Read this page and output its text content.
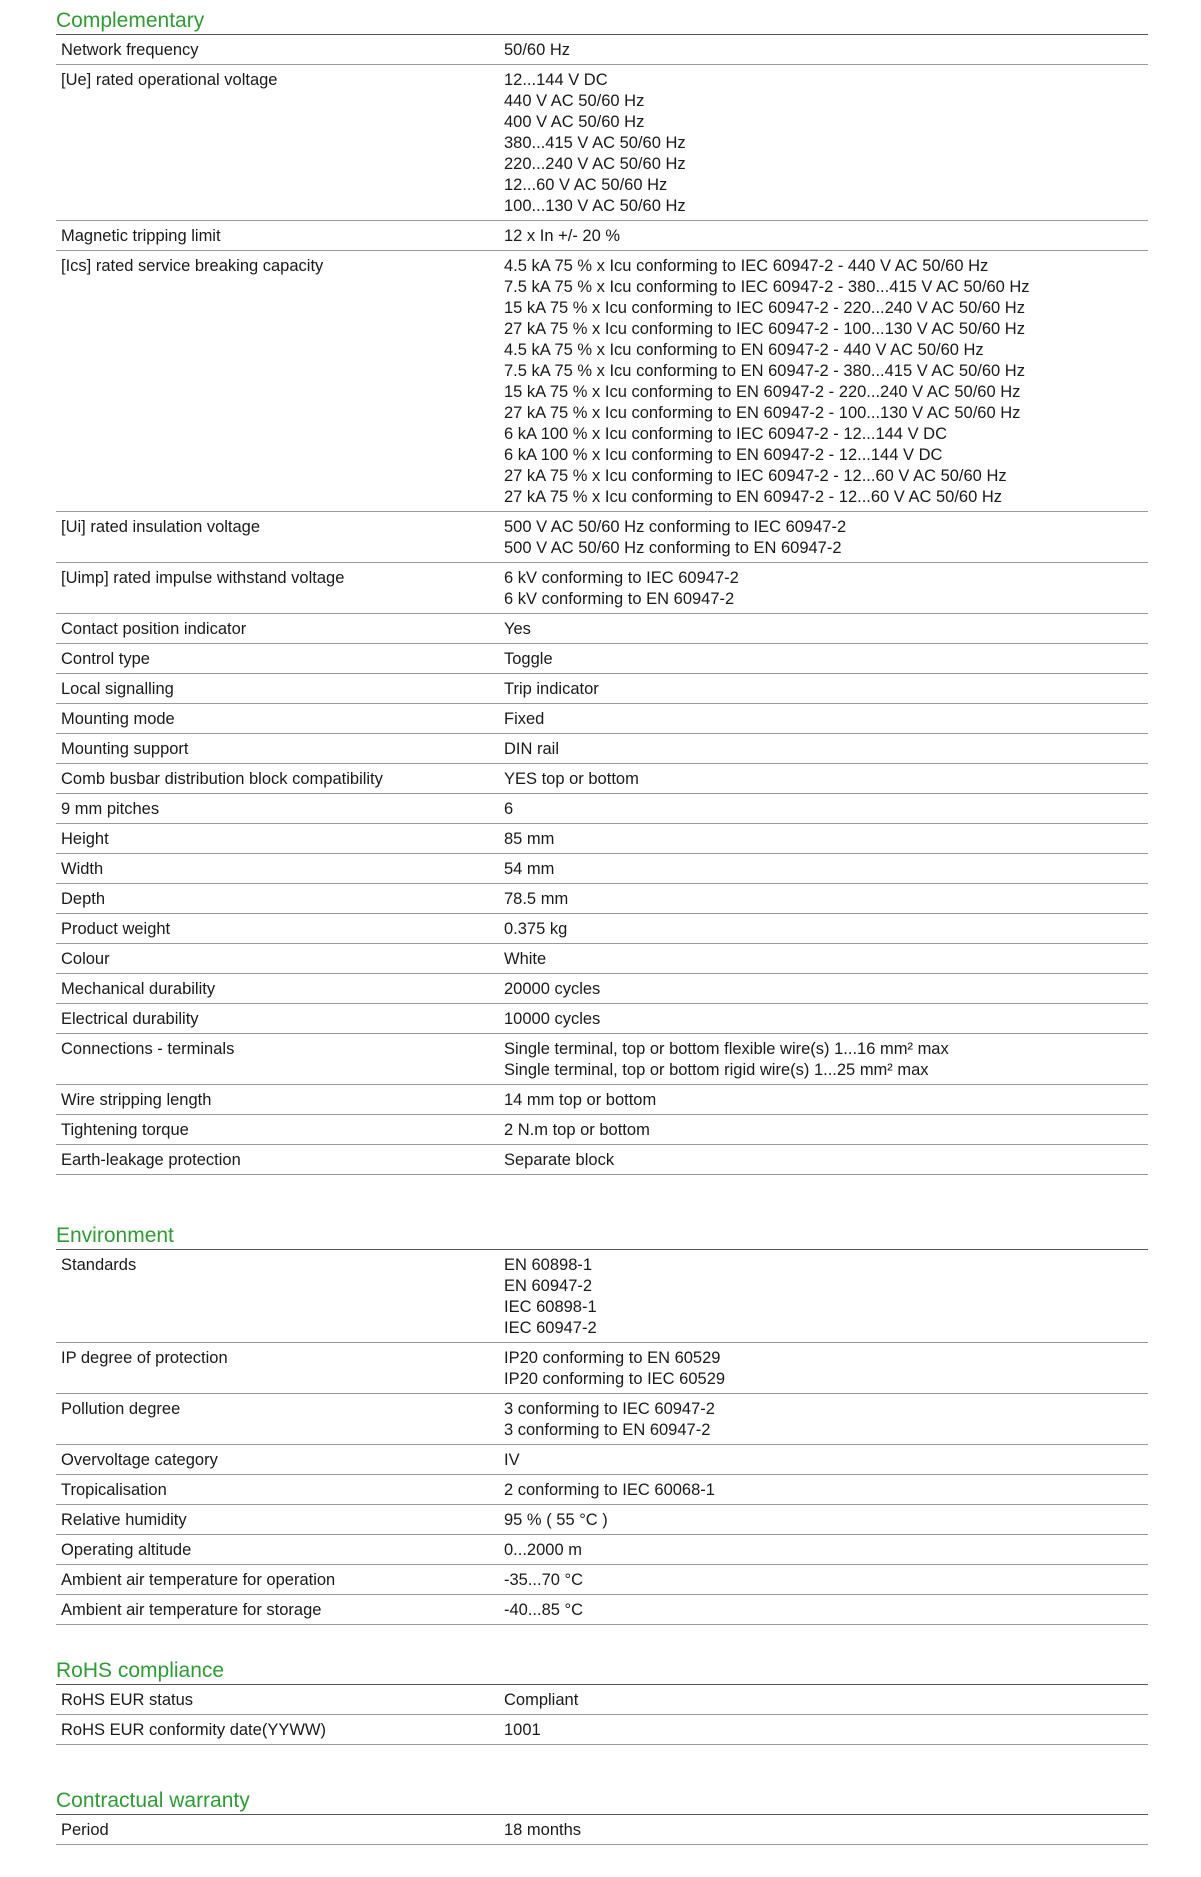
Complementary
Network frequency	50/60 Hz
[Ue] rated operational voltage	12...144 V DC
440 V AC 50/60 Hz
400 V AC 50/60 Hz
380...415 V AC 50/60 Hz
220...240 V AC 50/60 Hz
12...60 V AC 50/60 Hz
100...130 V AC 50/60 Hz
Magnetic tripping limit	12 x In +/- 20 %
[Ics] rated service breaking capacity	4.5 kA 75 % x Icu conforming to IEC 60947-2 - 440 V AC 50/60 Hz
7.5 kA 75 % x Icu conforming to IEC 60947-2 - 380...415 V AC 50/60 Hz
15 kA 75 % x Icu conforming to IEC 60947-2 - 220...240 V AC 50/60 Hz
27 kA 75 % x Icu conforming to IEC 60947-2 - 100...130 V AC 50/60 Hz
4.5 kA 75 % x Icu conforming to EN 60947-2 - 440 V AC 50/60 Hz
7.5 kA 75 % x Icu conforming to EN 60947-2 - 380...415 V AC 50/60 Hz
15 kA 75 % x Icu conforming to EN 60947-2 - 220...240 V AC 50/60 Hz
27 kA 75 % x Icu conforming to EN 60947-2 - 100...130 V AC 50/60 Hz
6 kA 100 % x Icu conforming to IEC 60947-2 - 12...144 V DC
6 kA 100 % x Icu conforming to EN 60947-2 - 12...144 V DC
27 kA 75 % x Icu conforming to IEC 60947-2 - 12...60 V AC 50/60 Hz
27 kA 75 % x Icu conforming to EN 60947-2 - 12...60 V AC 50/60 Hz
[Ui] rated insulation voltage	500 V AC 50/60 Hz conforming to IEC 60947-2
500 V AC 50/60 Hz conforming to EN 60947-2
[Uimp] rated impulse withstand voltage	6 kV conforming to IEC 60947-2
6 kV conforming to EN 60947-2
Contact position indicator	Yes
Control type	Toggle
Local signalling	Trip indicator
Mounting mode	Fixed
Mounting support	DIN rail
Comb busbar distribution block compatibility	YES top or bottom
9 mm pitches	6
Height	85 mm
Width	54 mm
Depth	78.5 mm
Product weight	0.375 kg
Colour	White
Mechanical durability	20000 cycles
Electrical durability	10000 cycles
Connections - terminals	Single terminal, top or bottom flexible wire(s) 1...16 mm² max
Single terminal, top or bottom rigid wire(s) 1...25 mm² max
Wire stripping length	14 mm top or bottom
Tightening torque	2 N.m top or bottom
Earth-leakage protection	Separate block
Environment
Standards	EN 60898-1
EN 60947-2
IEC 60898-1
IEC 60947-2
IP degree of protection	IP20 conforming to EN 60529
IP20 conforming to IEC 60529
Pollution degree	3 conforming to IEC 60947-2
3 conforming to EN 60947-2
Overvoltage category	IV
Tropicalisation	2 conforming to IEC 60068-1
Relative humidity	95 % ( 55 °C )
Operating altitude	0...2000 m
Ambient air temperature for operation	-35...70 °C
Ambient air temperature for storage	-40...85 °C
RoHS compliance
RoHS EUR status	Compliant
RoHS EUR conformity date(YYWW)	1001
Contractual warranty
Period	18 months
